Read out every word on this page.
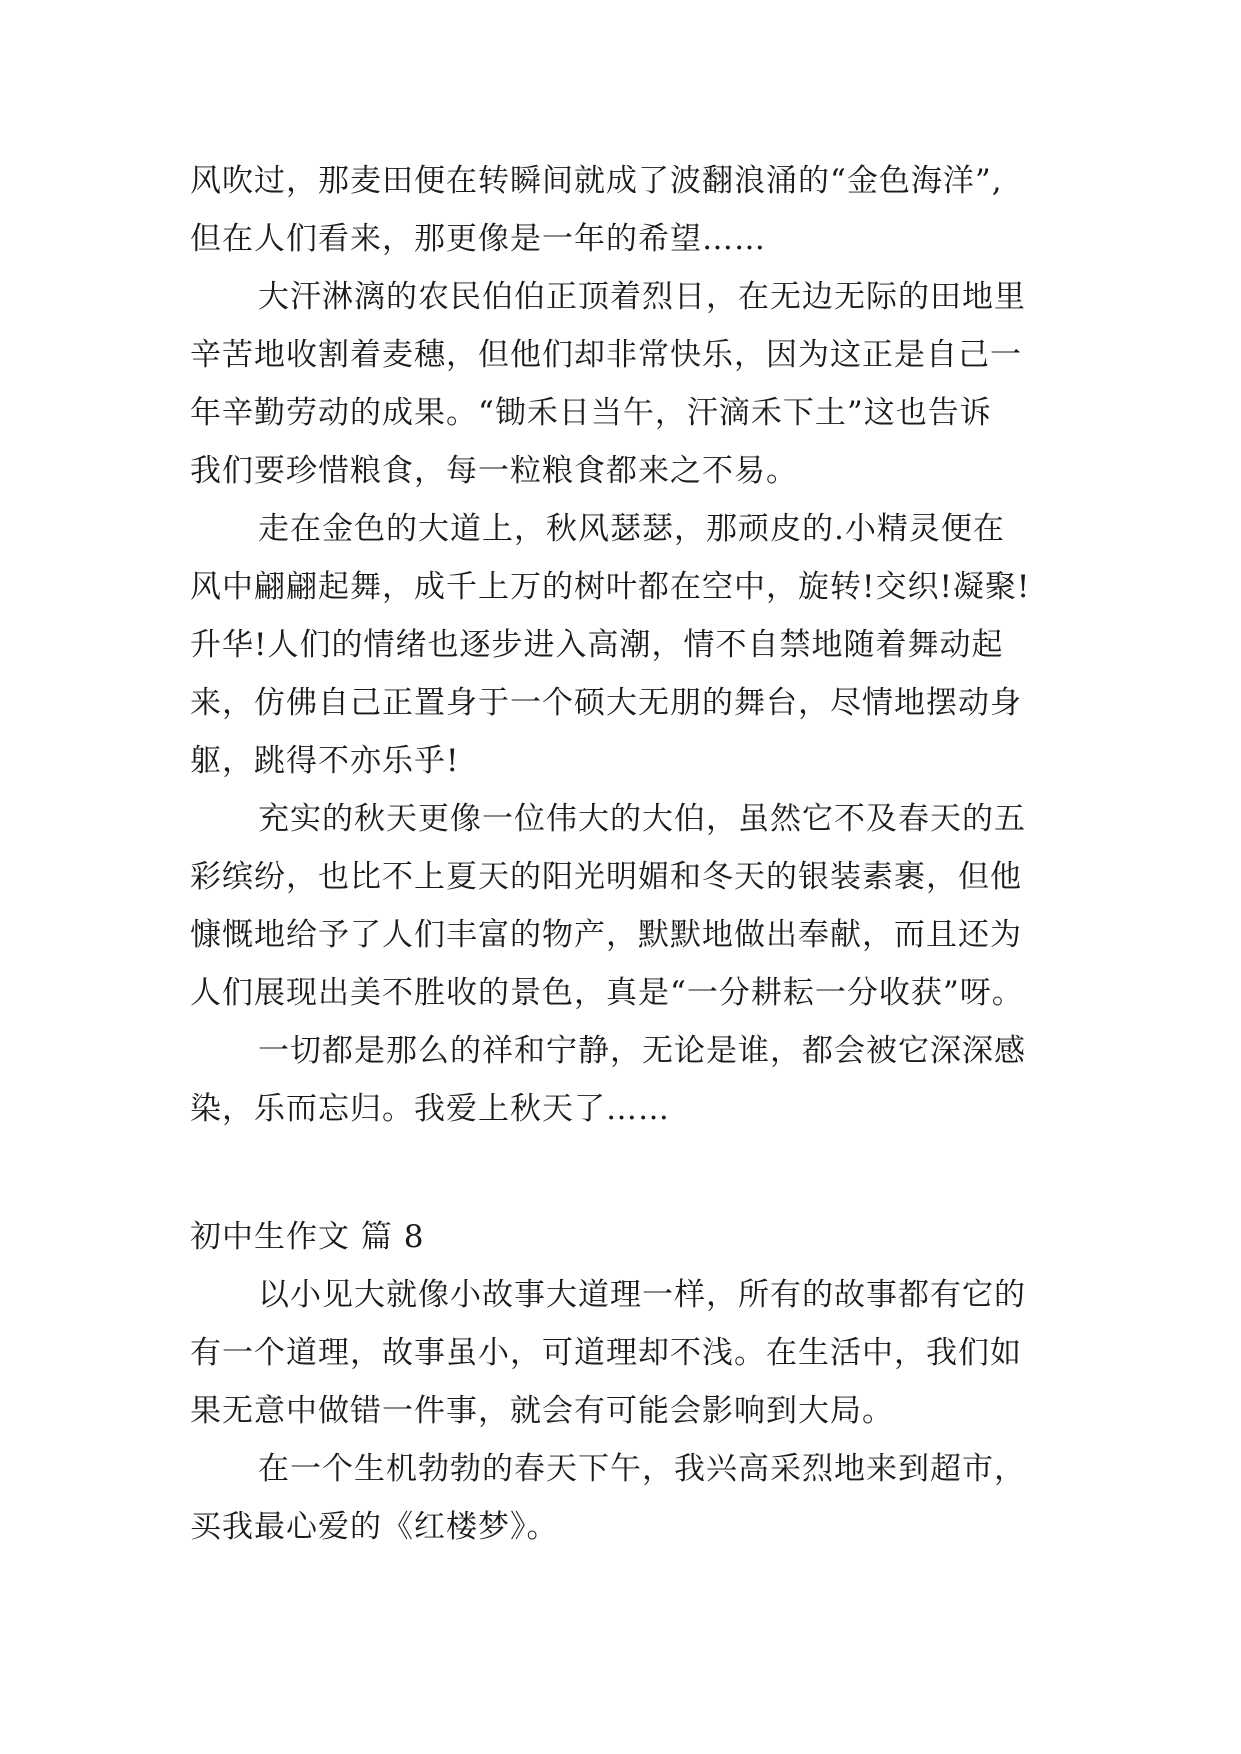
风吹过，那麦田便在转瞬间就成了波翻浪涌的“金色海洋”,
但在人们看来，那更像是一年的希望……
大汗淋漓的农民伯伯正顶着烈日，在无边无际的田地里
辛苦地收割着麦穗，但他们却非常快乐，因为这正是自己一
年辛勤劳动的成果。“锄禾日当午，汗滴禾下土”这也告诉
我们要珍惜粮食，每一粒粮食都来之不易。
走在金色的大道上，秋风瑟瑟，那顽皮的.小精灵便在
风中翩翩起舞，成千上万的树叶都在空中，旋转!交织!凝聚!
升华!人们的情绪也逐步进入高潮，情不自禁地随着舞动起
来，仿佛自己正置身于一个硕大无朋的舞台，尽情地摆动身
躯，跳得不亦乐乎!
充实的秋天更像一位伟大的大伯，虽然它不及春天的五
彩缤纷，也比不上夏天的阳光明媚和冬天的银装素裹，但他
慷慨地给予了人们丰富的物产，默默地做出奉献，而且还为
人们展现出美不胜收的景色，真是“一分耕耘一分收获”呀。
一切都是那么的祥和宁静，无论是谁，都会被它深深感
染，乐而忘归。我爱上秋天了……
初中生作文 篇 8
以小见大就像小故事大道理一样，所有的故事都有它的
有一个道理，故事虽小，可道理却不浅。在生活中，我们如
果无意中做错一件事，就会有可能会影响到大局。
在一个生机勃勃的春天下午，我兴高采烈地来到超市，
买我最心爱的《红楼梦》。
